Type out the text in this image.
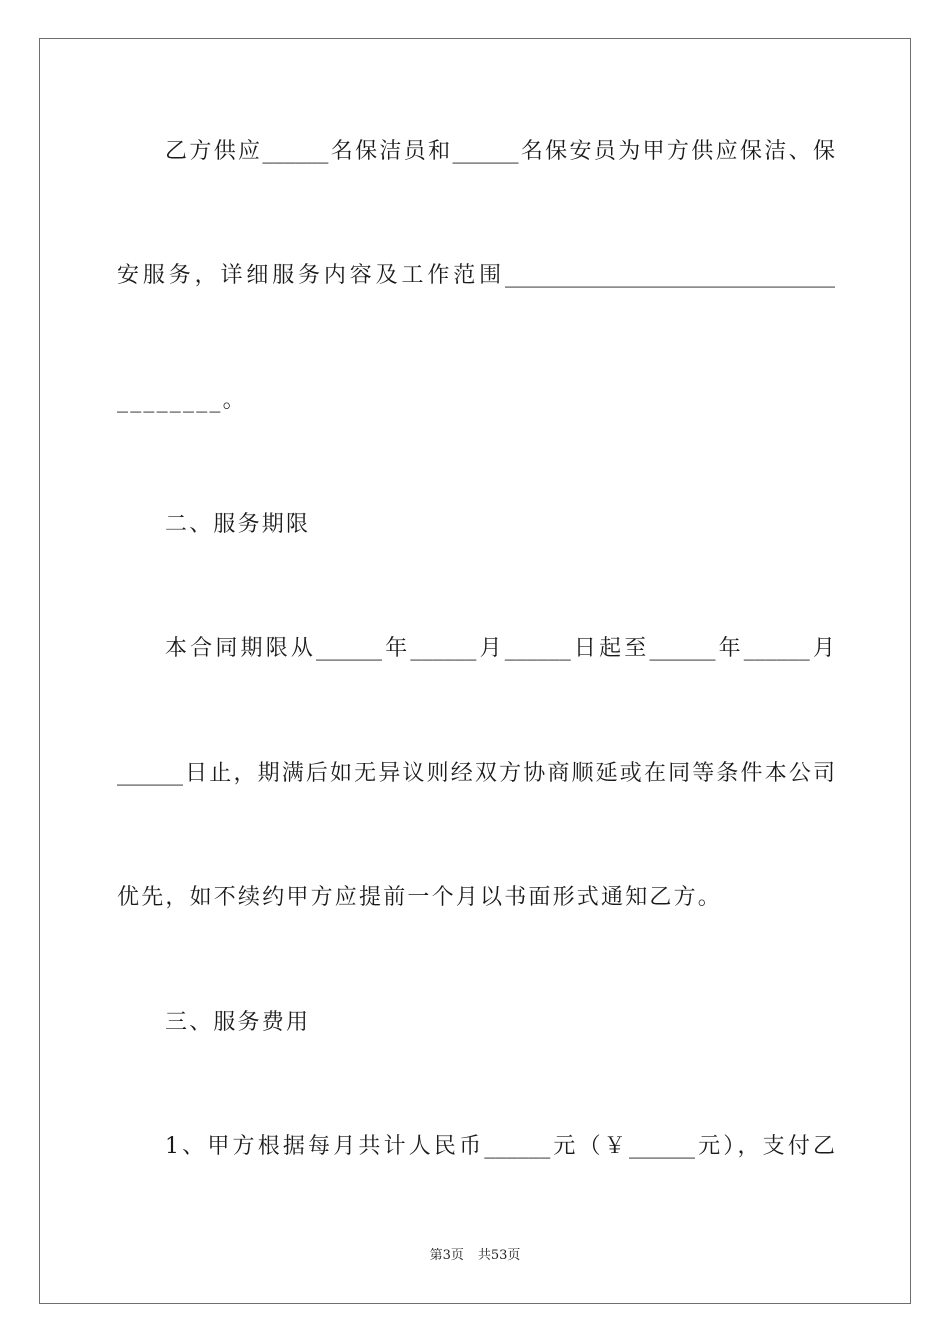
乙方供应______名保洁员和______名保安员为甲方供应保洁、保
安服务，详细服务内容及工作范围______________________________
________。
二、服务期限
本合同期限从______年______月______日起至______年______月
______日止，期满后如无异议则经双方协商顺延或在同等条件本公司
优先，如不续约甲方应提前一个月以书面形式通知乙方。
三、服务费用
1、甲方根据每月共计人民币______元（￥______元），支付乙
第3页 共53页
